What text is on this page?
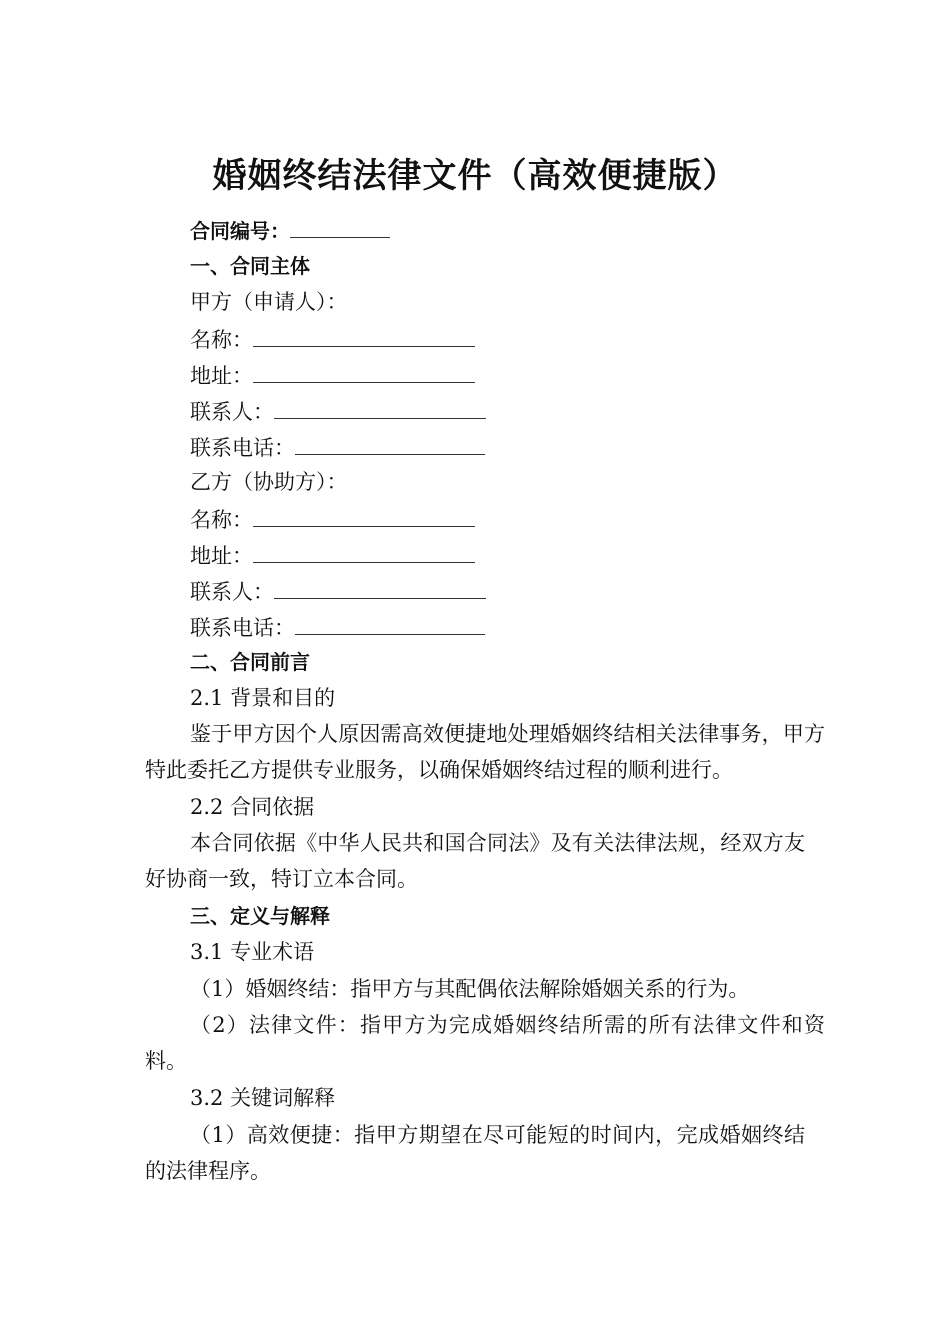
婚姻终结法律文件（高效便捷版）
合同编号：
一、合同主体
甲方（申请人）：
名称：
地址：
联系人：
联系电话：
乙方（协助方）：
名称：
地址：
联系人：
联系电话：
二、合同前言
2.1 背景和目的
鉴于甲方因个人原因需高效便捷地处理婚姻终结相关法律事务，甲方特此委托乙方提供专业服务，以确保婚姻终结过程的顺利进行。
2.2 合同依据
本合同依据《中华人民共和国合同法》及有关法律法规，经双方友好协商一致，特订立本合同。
三、定义与解释
3.1 专业术语
（1）婚姻终结：指甲方与其配偶依法解除婚姻关系的行为。
（2）法律文件：指甲方为完成婚姻终结所需的所有法律文件和资料。
3.2 关键词解释
（1）高效便捷：指甲方期望在尽可能短的时间内，完成婚姻终结的法律程序。
